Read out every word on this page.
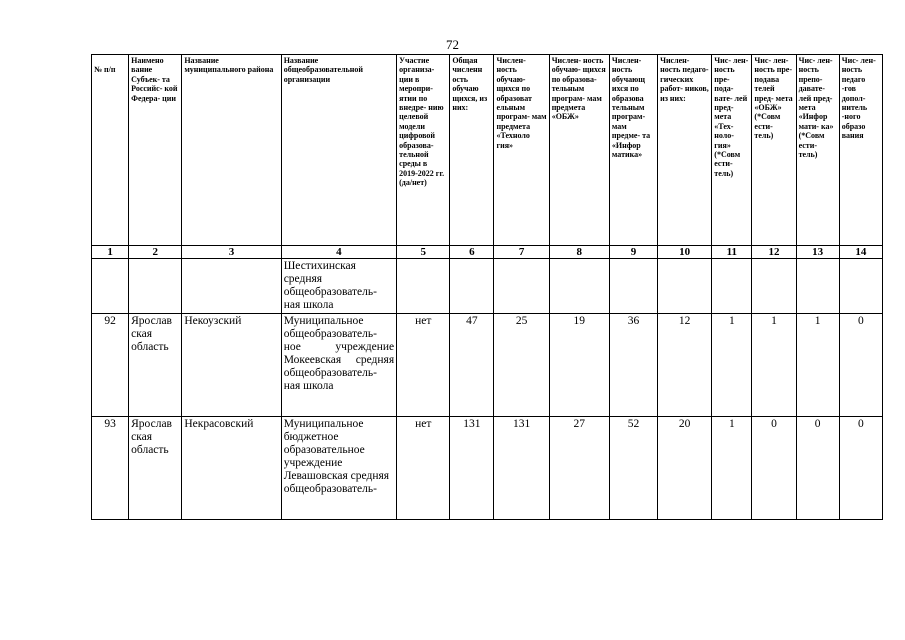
72
№ п/п	Наимено вание Субъек- та Российс- кой Федера- ции	Название муниципального района	Название общеобразовательной организации	Участие организа- ции в меропри- ятии по внедре- нию целевой модели цифровой образова- тельной среды в 2019-2022 гг. (да/нет)	Общая численн ость обучаю щихся, из них:	Числен- ность обучаю- щихся по образоват ельным програм- мам предмета «Техноло гия»	Числен- ность обучаю- щихся по образова- тельным програм- мам предмета «ОБЖ»	Числен- ность обучающ ихся по образова тельным програм- мам предме- та «Инфор матика»	Числен- ность педаго- гических работ- ников, из них:	Чис- лен- ность пре- пода- вате- лей пред- мета «Тех- ноло- гия» (*Совм ести- тель)	Чис- лен- ность пре- подава телей пред- мета «ОБЖ» (*Совм ести- тель)	Чис- лен- ность препо- давате- лей пред- мета «Инфор мати- ка» (*Совм ести- тель)	Чис- лен- ность педаго -гов допол- нитель -ного образо вания
1	2	3	4	5	6	7	8	9	10	11	12	13	14
			Шестихинская средняя общеобразователь- ная школа										
92	Ярослав ская область	Некоузский	Муниципальное общеобразователь- ное учреждение Мокеевская средняя общеобразователь- ная школа	нет	47	25	19	36	12	1	1	1	0
93	Ярослав ская область	Некрасовский	Муниципальное бюджетное образовательное учреждение Левашовская средняя общеобразователь-	нет	131	131	27	52	20	1	0	0	0
